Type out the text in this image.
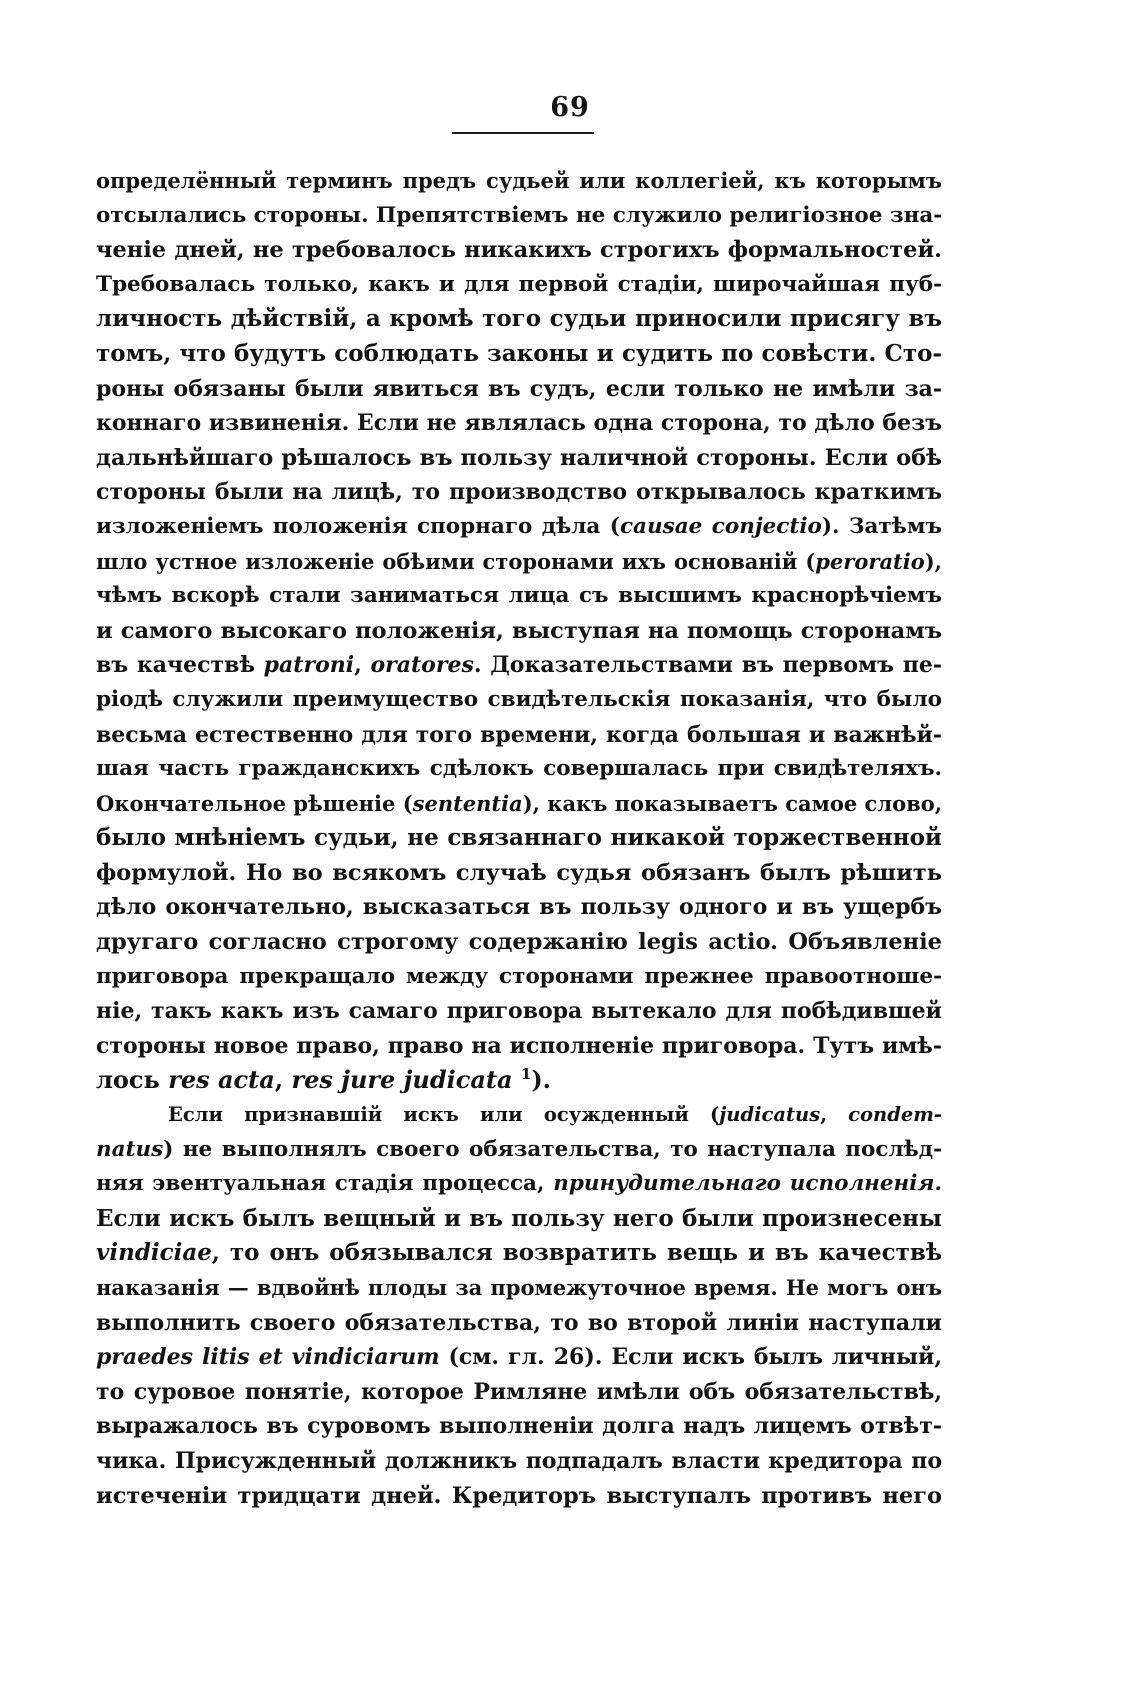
69
определённый терминъ предъ судьей или коллегіей, къ которымъ
отсылались стороны. Препятствіемъ не служило религіозное зна-
ченіе дней, не требовалось никакихъ строгихъ формальностей.
Требовалась только, какъ и для первой стадіи, широчайшая пуб-
личность дѣйствій, а кромѣ того судьи приносили присягу въ
томъ, что будутъ соблюдать законы и судить по совѣсти. Сто-
роны обязаны были явиться въ судъ, если только не имѣли за-
коннаго извиненія. Если не являлась одна сторона, то дѣло безъ
дальнѣйшаго рѣшалось въ пользу наличной стороны. Если обѣ
стороны были на лицѣ, то производство открывалось краткимъ
изложеніемъ положенія спорнаго дѣла (causae conjectio). Затѣмъ
шло устное изложеніе обѣими сторонами ихъ основаній (peroratio),
чѣмъ вскорѣ стали заниматься лица съ высшимъ краснорѣчіемъ
и самого высокаго положенія, выступая на помощь сторонамъ
въ качествѣ patroni, oratores. Доказательствами въ первомъ пе-
ріодѣ служили преимущество свидѣтельскія показанія, что было
весьма естественно для того времени, когда большая и важнѣй-
шая часть гражданскихъ сдѣлокъ совершалась при свидѣтеляхъ.
Окончательное рѣшеніе (sententia), какъ показываетъ самое слово,
было мнѣніемъ судьи, не связаннаго никакой торжественной
формулой. Но во всякомъ случаѣ судья обязанъ былъ рѣшить
дѣло окончательно, высказаться въ пользу одного и въ ущербъ
другаго согласно строгому содержанію legis actio. Объявленіе
приговора прекращало между сторонами прежнее правоотноше-
ніе, такъ какъ изъ самаго приговора вытекало для побѣдившей
стороны новое право, право на исполненіе приговора. Тутъ имѣ-
лось res acta, res jure judicata $^1$).
Если признавшій искъ или осужденный (judicatus, condem-
natus) не выполнялъ своего обязательства, то наступала послѣд-
няя эвентуальная стадія процесса, принудительнаго исполненія.
Если искъ былъ вещный и въ пользу него были произнесены
vindiciae, то онъ обязывался возвратить вещь и въ качествѣ
наказанія — вдвойнѣ плоды за промежуточное время. Не могъ онъ
выполнить своего обязательства, то во второй линіи наступали
praedes litis et vindiciarum (см. гл. 26). Если искъ былъ личный,
то суровое понятіе, которое Римляне имѣли объ обязательствѣ,
выражалось въ суровомъ выполненіи долга надъ лицемъ отвѣт-
чика. Присужденный должникъ подпадалъ власти кредитора по
истеченіи тридцати дней. Кредиторъ выступалъ противъ него
